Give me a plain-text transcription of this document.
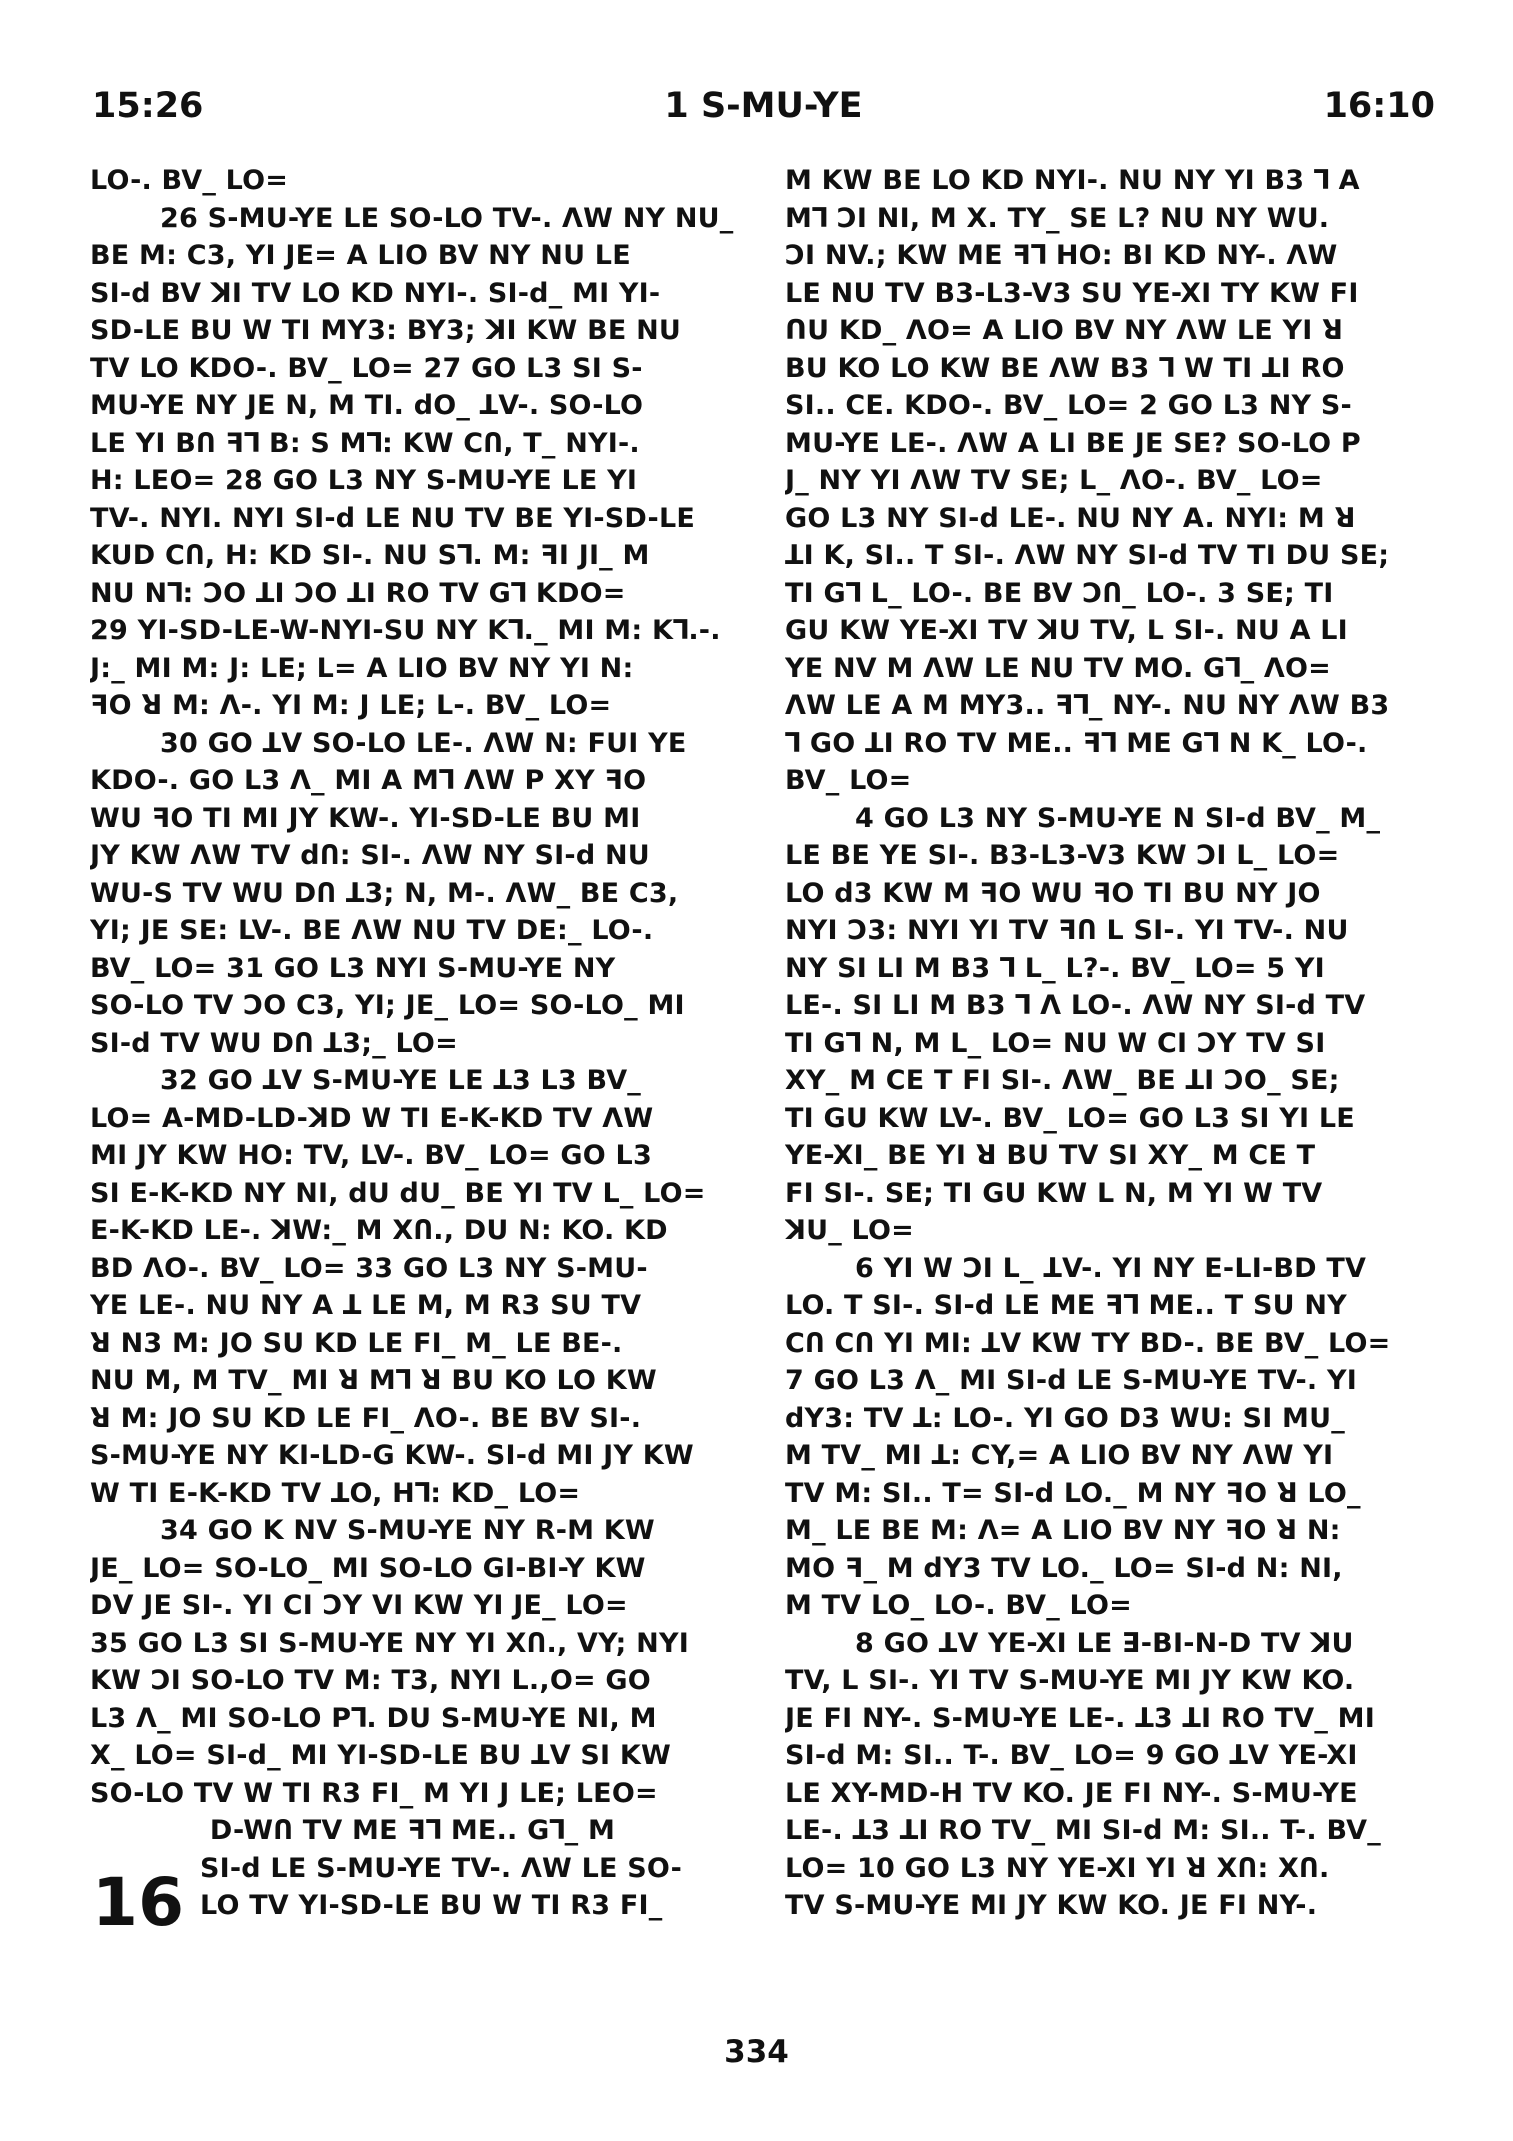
15:26	1 S-MU-YE	16:10
LO-. BV_ LO=
26 S-MU-YE LE SO-LO TV-. ΛW NY NU_
BE M: C3, YI JE= A LIO BV NY NU LE
SI-d BV ꓘI TV LO KD NYI-. SI-d_ MI YI-
SD-LE BU W TI MY3: BY3; ꓘI KW BE NU
TV LO KDO-. BV_ LO= 27 GO L3 SI S-
MU-YE NY JE N, M TI. dO_ ꓕV-. SO-LO
LE YI BՈ ꟻꓶ B: S Mꓶ: KW CՈ, T_ NYI-.
H: LEO= 28 GO L3 NY S-MU-YE LE YI
TV-. NYI. NYI SI-d LE NU TV BE YI-SD-LE
KUD CՈ, H: KD SI-. NU Sꓶ. M: ꟻI JI_ M
NU Nꓶ: ƆO ꓕI ƆO ꓕI RO TV Gꓶ KDO=
29 YI-SD-LE-W-NYI-SU NY Kꓶ._ MI M: Kꓶ.-.
J:_ MI M: J: LE; L= A LIO BV NY YI N:
ꟻO ꓤ M: Λ-. YI M: J LE; L-. BV_ LO=
30 GO ꓕV SO-LO LE-. ΛW N: FUI YE
KDO-. GO L3 Λ_ MI A Mꓶ ΛW P XY ꟻO
WU ꟻO TI MI JY KW-. YI-SD-LE BU MI
JY KW ΛW TV dՈ: SI-. ΛW NY SI-d NU
WU-S TV WU DՈ ꓕ3; N, M-. ΛW_ BE C3,
YI; JE SE: LV-. BE ΛW NU TV DE:_ LO-.
BV_ LO= 31 GO L3 NYI S-MU-YE NY
SO-LO TV ƆO C3, YI; JE_ LO= SO-LO_ MI
SI-d TV WU DՈ ꓕ3;_ LO=
32 GO ꓕV S-MU-YE LE ꓕ3 L3 BV_
LO= A-MD-LD-ꓘD W TI E-K-KD TV ΛW
MI JY KW HO: TV, LV-. BV_ LO= GO L3
SI E-K-KD NY NI, dU dU_ BE YI TV L_ LO=
E-K-KD LE-. ꓘW:_ M XՈ., DU N: KO. KD
BD ΛO-. BV_ LO= 33 GO L3 NY S-MU-
YE LE-. NU NY A ꓕ LE M, M R3 SU TV
ꓤ N3 M: JO SU KD LE FI_ M_ LE BE-.
NU M, M TV_ MI ꓤ Mꓶ ꓤ BU KO LO KW
ꓤ M: JO SU KD LE FI_ ΛO-. BE BV SI-.
S-MU-YE NY KI-LD-G KW-. SI-d MI JY KW
W TI E-K-KD TV ꓕO, Hꓶ: KD_ LO=
34 GO K NV S-MU-YE NY R-M KW
JE_ LO= SO-LO_ MI SO-LO GI-BI-Y KW
DV JE SI-. YI CI ƆY VI KW YI JE_ LO=
35 GO L3 SI S-MU-YE NY YI XՈ., VY; NYI
KW ƆI SO-LO TV M: T3, NYI L.,O= GO
L3 Λ_ MI SO-LO Pꓶ. DU S-MU-YE NI, M
X_ LO= SI-d_ MI YI-SD-LE BU ꓕV SI KW
SO-LO TV W TI R3 FI_ M YI J LE; LEO=
D-WՈ TV ME ꟻꓶ ME.. Gꓶ_ M
16 SI-d LE S-MU-YE TV-. ΛW LE SO-
LO TV YI-SD-LE BU W TI R3 FI_
M KW BE LO KD NYI-. NU NY YI B3 ꓶ A
Mꓶ ƆI NI, M X. TY_ SE L? NU NY WU.
ƆI NV.; KW ME ꟻꓶ HO: BI KD NY-. ΛW
LE NU TV B3-L3-V3 SU YE-XI TY KW FI
ꓵU KD_ ΛO= A LIO BV NY ΛW LE YI ꓤ
BU KO LO KW BE ΛW B3 ꓶ W TI ꓕI RO
SI.. CE. KDO-. BV_ LO= 2 GO L3 NY S-
MU-YE LE-. ΛW A LI BE JE SE? SO-LO P
J_ NY YI ΛW TV SE; L_ ΛO-. BV_ LO=
GO L3 NY SI-d LE-. NU NY A. NYI: M ꓤ
ꓕI K, SI.. T SI-. ΛW NY SI-d TV TI DU SE;
TI Gꓶ L_ LO-. BE BV ƆՈ_ LO-. 3 SE; TI
GU KW YE-XI TV ꓘU TV, L SI-. NU A LI
YE NV M ΛW LE NU TV MO. Gꓶ_ ΛO=
ΛW LE A M MY3.. ꟻꓶ_ NY-. NU NY ΛW B3
ꓶ GO ꓕI RO TV ME.. ꟻꓶ ME Gꓶ N K_ LO-.
BV_ LO=
4 GO L3 NY S-MU-YE N SI-d BV_ M_
LE BE YE SI-. B3-L3-V3 KW ƆI L_ LO=
LO d3 KW M ꟻO WU ꟻO TI BU NY JO
NYI Ɔ3: NYI YI TV ꟻՈ L SI-. YI TV-. NU
NY SI LI M B3 ꓶ L_ L?-. BV_ LO= 5 YI
LE-. SI LI M B3 ꓶ Λ LO-. ΛW NY SI-d TV
TI Gꓶ N, M L_ LO= NU W CI ƆY TV SI
XY_ M CE T FI SI-. ΛW_ BE ꓕI ƆO_ SE;
TI GU KW LV-. BV_ LO= GO L3 SI YI LE
YE-XI_ BE YI ꓤ BU TV SI XY_ M CE T
FI SI-. SE; TI GU KW L N, M YI W TV
ꓘU_ LO=
6 YI W ƆI L_ ꓕV-. YI NY E-LI-BD TV
LO. T SI-. SI-d LE ME ꟻꓶ ME.. T SU NY
CՈ CՈ YI MI: ꓕV KW TY BD-. BE BV_ LO=
7 GO L3 Λ_ MI SI-d LE S-MU-YE TV-. YI
dY3: TV ꓕ: LO-. YI GO D3 WU: SI MU_
M TV_ MI ꓕ: CY,= A LIO BV NY ΛW YI
TV M: SI.. T= SI-d LO._ M NY ꟻO ꓤ LO_
M_ LE BE M: Λ= A LIO BV NY ꟻO ꓤ N:
MO ꟻ_ M dY3 TV LO._ LO= SI-d N: NI,
M TV LO_ LO-. BV_ LO=
8 GO ꓕV YE-XI LE ꓱ-BI-N-D TV ꓘU
TV, L SI-. YI TV S-MU-YE MI JY KW KO.
JE FI NY-. S-MU-YE LE-. ꓕ3 ꓕI RO TV_ MI
SI-d M: SI.. T-. BV_ LO= 9 GO ꓕV YE-XI
LE XY-MD-H TV KO. JE FI NY-. S-MU-YE
LE-. ꓕ3 ꓕI RO TV_ MI SI-d M: SI.. T-. BV_
LO= 10 GO L3 NY YE-XI YI ꓤ XՈ: XՈ.
TV S-MU-YE MI JY KW KO. JE FI NY-.
334
